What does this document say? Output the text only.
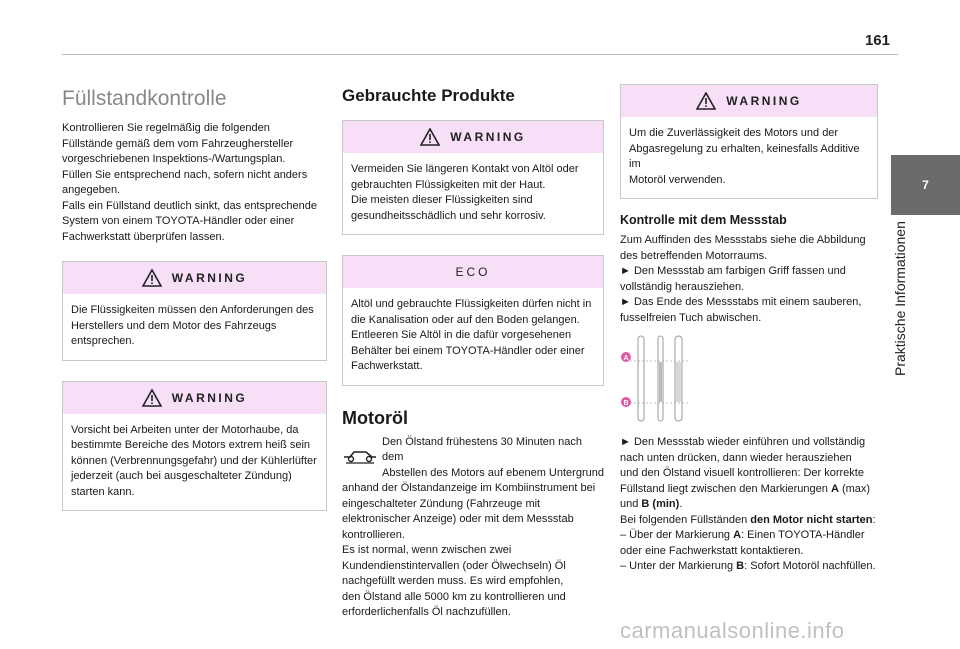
161
7
Praktische Informationen
Füllstandkontrolle

Kontrollieren Sie regelmäßig die folgenden

Füllstände gemäß dem vom Fahrzeughersteller

vorgeschriebenen Inspektions-/Wartungsplan.

Füllen Sie entsprechend nach, sofern nicht anders

angegeben.

Falls ein Füllstand deutlich sinkt, das entsprechende

System von einem TOYOTA-Händler oder einer

Fachwerkstatt überprüfen lassen.

WARNING

Die Flüssigkeiten müssen den Anforderungen des

Herstellers und dem Motor des Fahrzeugs

entsprechen.

WARNING

Vorsicht bei Arbeiten unter der Motorhaube, da

bestimmte Bereiche des Motors extrem heiß sein

können (Verbrennungsgefahr) und der Kühlerlüfter

jederzeit (auch bei ausgeschalteter Zündung)

starten kann.

Gebrauchte Produkte
WARNING

Vermeiden Sie längeren Kontakt von Altöl oder

gebrauchten Flüssigkeiten mit der Haut.

Die meisten dieser Flüssigkeiten sind

gesundheitsschädlich und sehr korrosiv.

ECO

Altöl und gebrauchte Flüssigkeiten dürfen nicht in

die Kanalisation oder auf den Boden gelangen.

Entleeren Sie Altöl in die dafür vorgesehenen

Behälter bei einem TOYOTA-Händler oder einer

Fachwerkstatt.

Motoröl

Den Ölstand frühestens 30 Minuten nach dem

Abstellen des Motors auf ebenem Untergrund

anhand der Ölstandanzeige im Kombiinstrument bei

eingeschalteter Zündung (Fahrzeuge mit

elektronischer Anzeige) oder mit dem Messstab

kontrollieren.

Es ist normal, wenn zwischen zwei

Kundendienstintervallen (oder Ölwechseln) Öl

nachgefüllt werden muss. Es wird empfohlen,

den Ölstand alle 5000 km zu kontrollieren und

erforderlichenfalls Öl nachzufüllen.

WARNING

Um die Zuverlässigkeit des Motors und der

Abgasregelung zu erhalten, keinesfalls Additive im

Motoröl verwenden.

Kontrolle mit dem Messstab

Zum Auffinden des Messstabs siehe die Abbildung

des betreffenden Motorraums.

► Den Messstab am farbigen Griff fassen und

vollständig herausziehen.

► Das Ende des Messstabs mit einem sauberen,

fusselfreien Tuch abwischen.

A
B

► Den Messstab wieder einführen und vollständig

nach unten drücken, dann wieder herausziehen

und den Ölstand visuell kontrollieren: Der korrekte

Füllstand liegt zwischen den Markierungen A (max)

und B (min).

Bei folgenden Füllständen den Motor nicht starten:

– Über der Markierung A: Einen TOYOTA-Händler

oder eine Fachwerkstatt kontaktieren.

– Unter der Markierung B: Sofort Motoröl nachfüllen.

carmanualsonline.info
